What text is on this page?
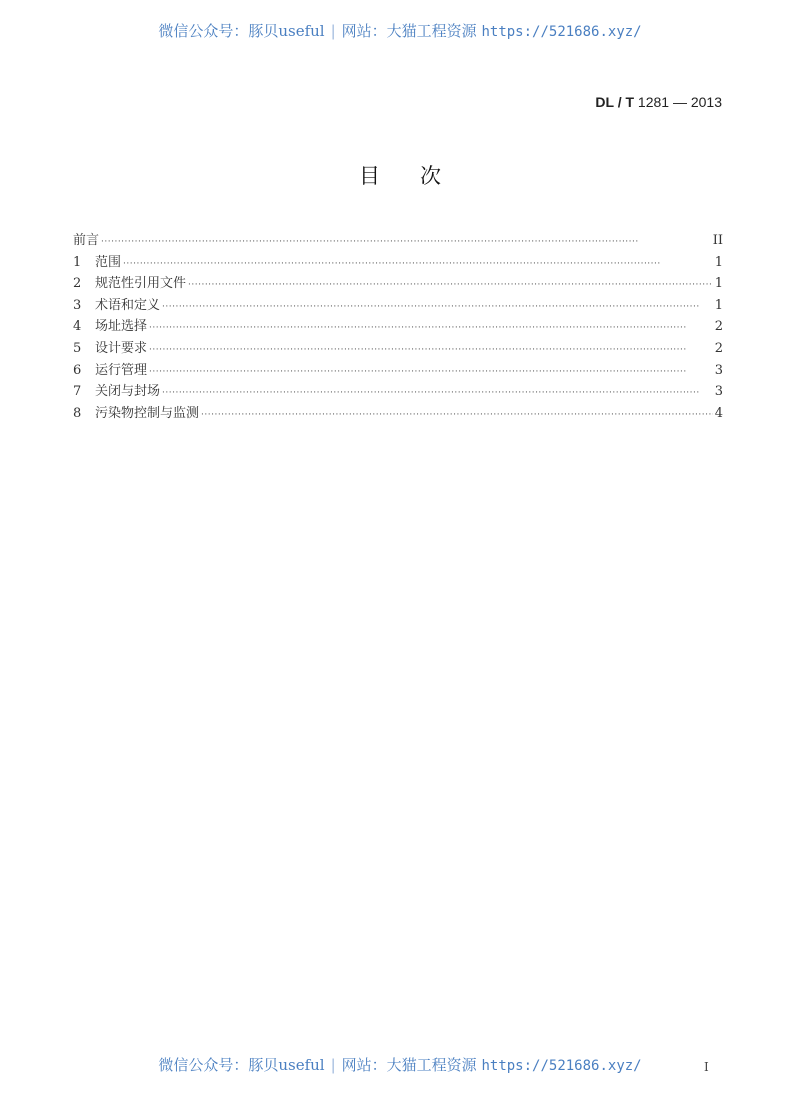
微信公众号：豚贝useful | 网站：大猫工程资源 https://521686.xyz/
DL / T 1281 — 2013
目次
前言 ·····	II
1	范围 ·····	1
2	规范性引用文件 ·····	1
3	术语和定义 ·····	1
4	场址选择 ·····	2
5	设计要求 ·····	2
6	运行管理 ·····	3
7	关闭与封场 ·····	3
8	污染物控制与监测 ·····	4
微信公众号：豚贝useful | 网站：大猫工程资源 https://521686.xyz/	I
